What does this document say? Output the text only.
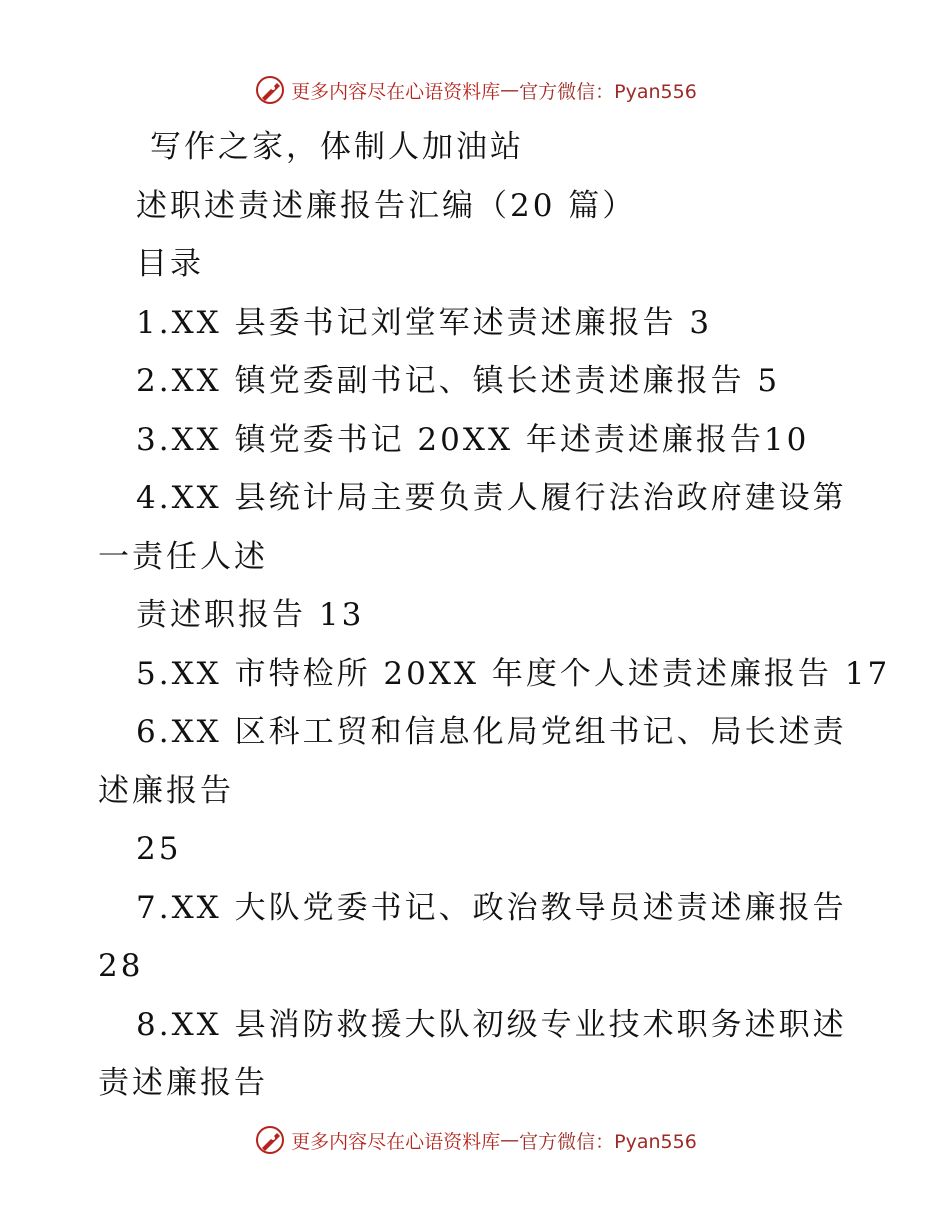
更多内容尽在心语资料库 — 官方微信：Pyan556
写作之家，体制人加油站
述职述责述廉报告汇编（20 篇）
目录
1.XX 县委书记刘堂军述责述廉报告 3
2.XX 镇党委副书记、镇长述责述廉报告 5
3.XX 镇党委书记 20XX 年述责述廉报告10
4.XX 县统计局主要负责人履行法治政府建设第
一责任人述
责述职报告 13
5.XX 市特检所 20XX 年度个人述责述廉报告 17
6.XX 区科工贸和信息化局党组书记、局长述责
述廉报告
25
7.XX 大队党委书记、政治教导员述责述廉报告
28
8.XX 县消防救援大队初级专业技术职务述职述
责述廉报告
更多内容尽在心语资料库 — 官方微信：Pyan556
